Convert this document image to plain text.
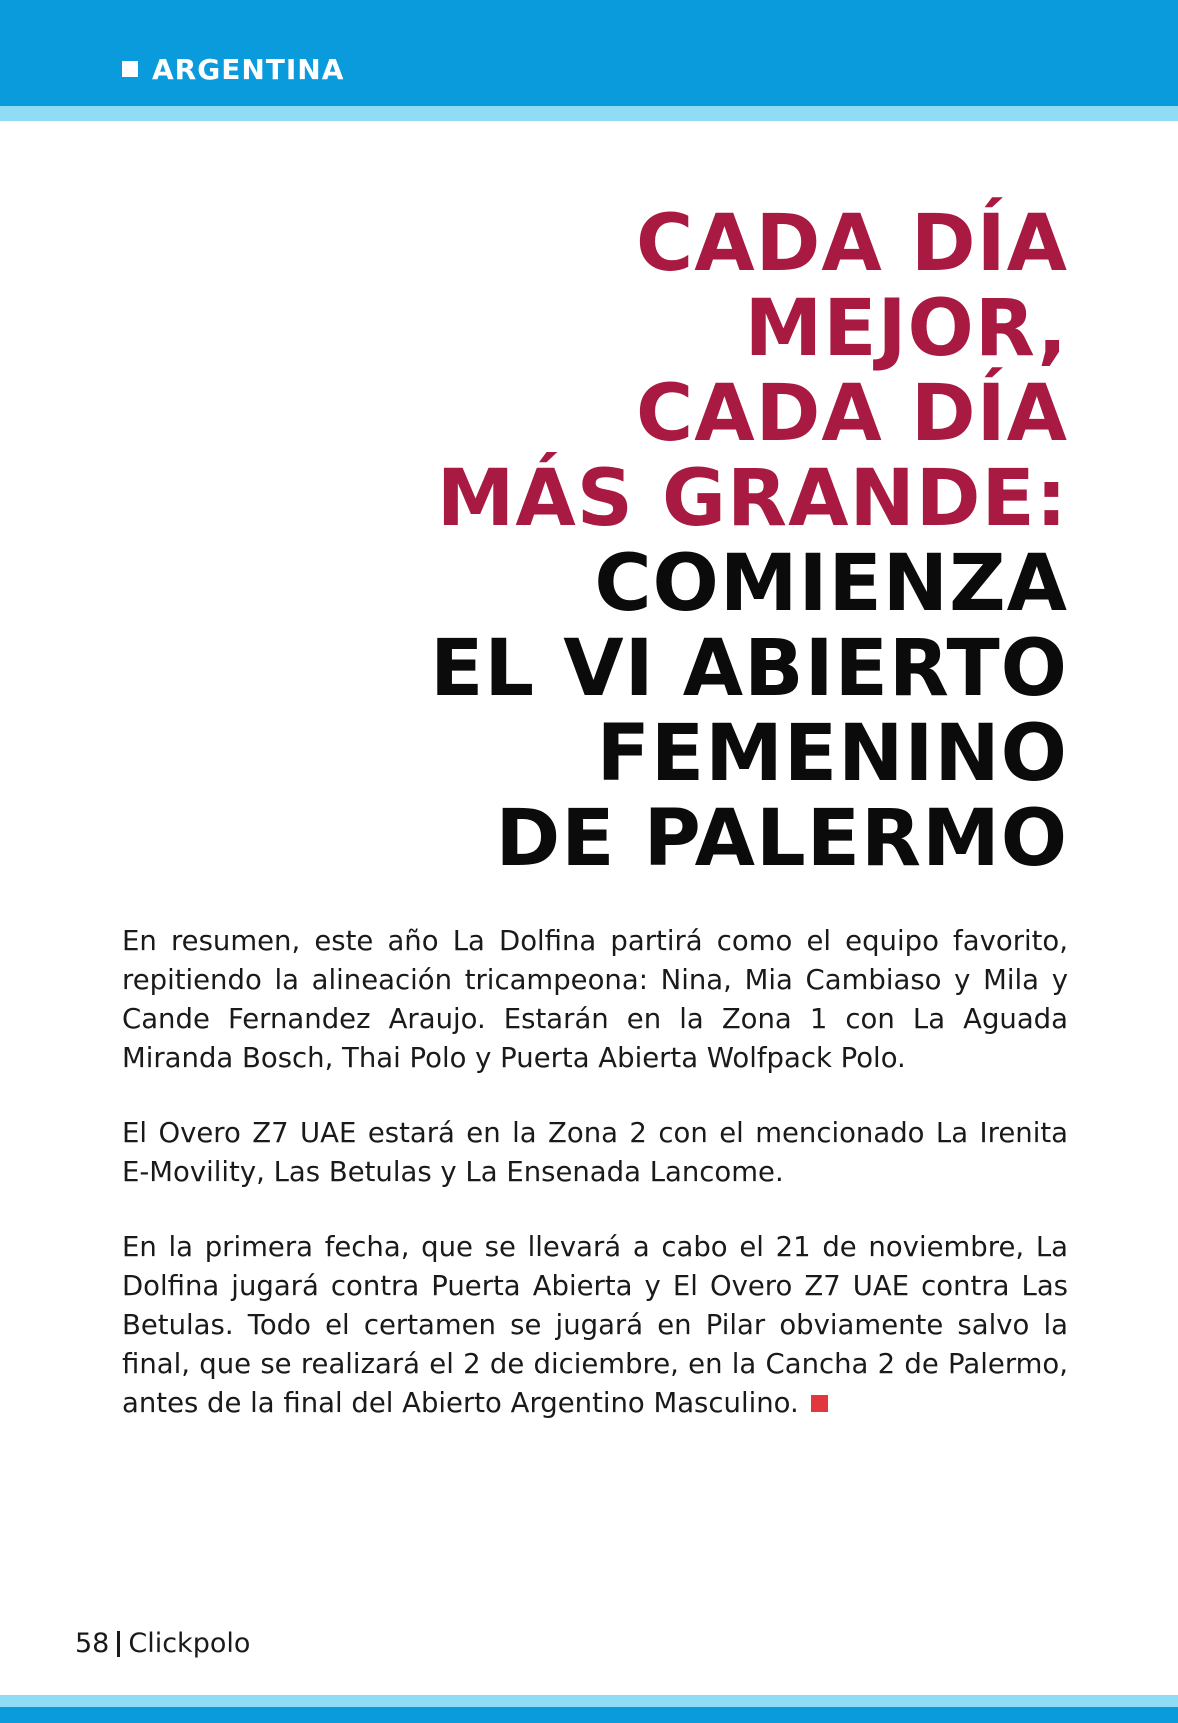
ARGENTINA
CADA DÍA
MEJOR,
CADA DÍA
MÁS GRANDE:
COMIENZA
EL VI ABIERTO
FEMENINO
DE PALERMO

En resumen, este año La Dolfina partirá como el equipo favorito, repitiendo la alineación tricampeona: Nina, Mia Cambiaso y Mila y Cande Fernandez Araujo. Estarán en la Zona 1 con La Aguada Miranda Bosch, Thai Polo y Puerta Abierta Wolfpack Polo.

El Overo Z7 UAE estará en la Zona 2 con el mencionado La Irenita E-Movility, Las Betulas y La Ensenada Lancome.

En la primera fecha, que se llevará a cabo el 21 de noviembre, La Dolfina jugará contra Puerta Abierta y El Overo Z7 UAE contra Las Betulas. Todo el certamen se jugará en Pilar obviamente salvo la final, que se realizará el 2 de diciembre, en la Cancha 2 de Palermo, antes de la final del Abierto Argentino Masculino.

58 Clickpolo
